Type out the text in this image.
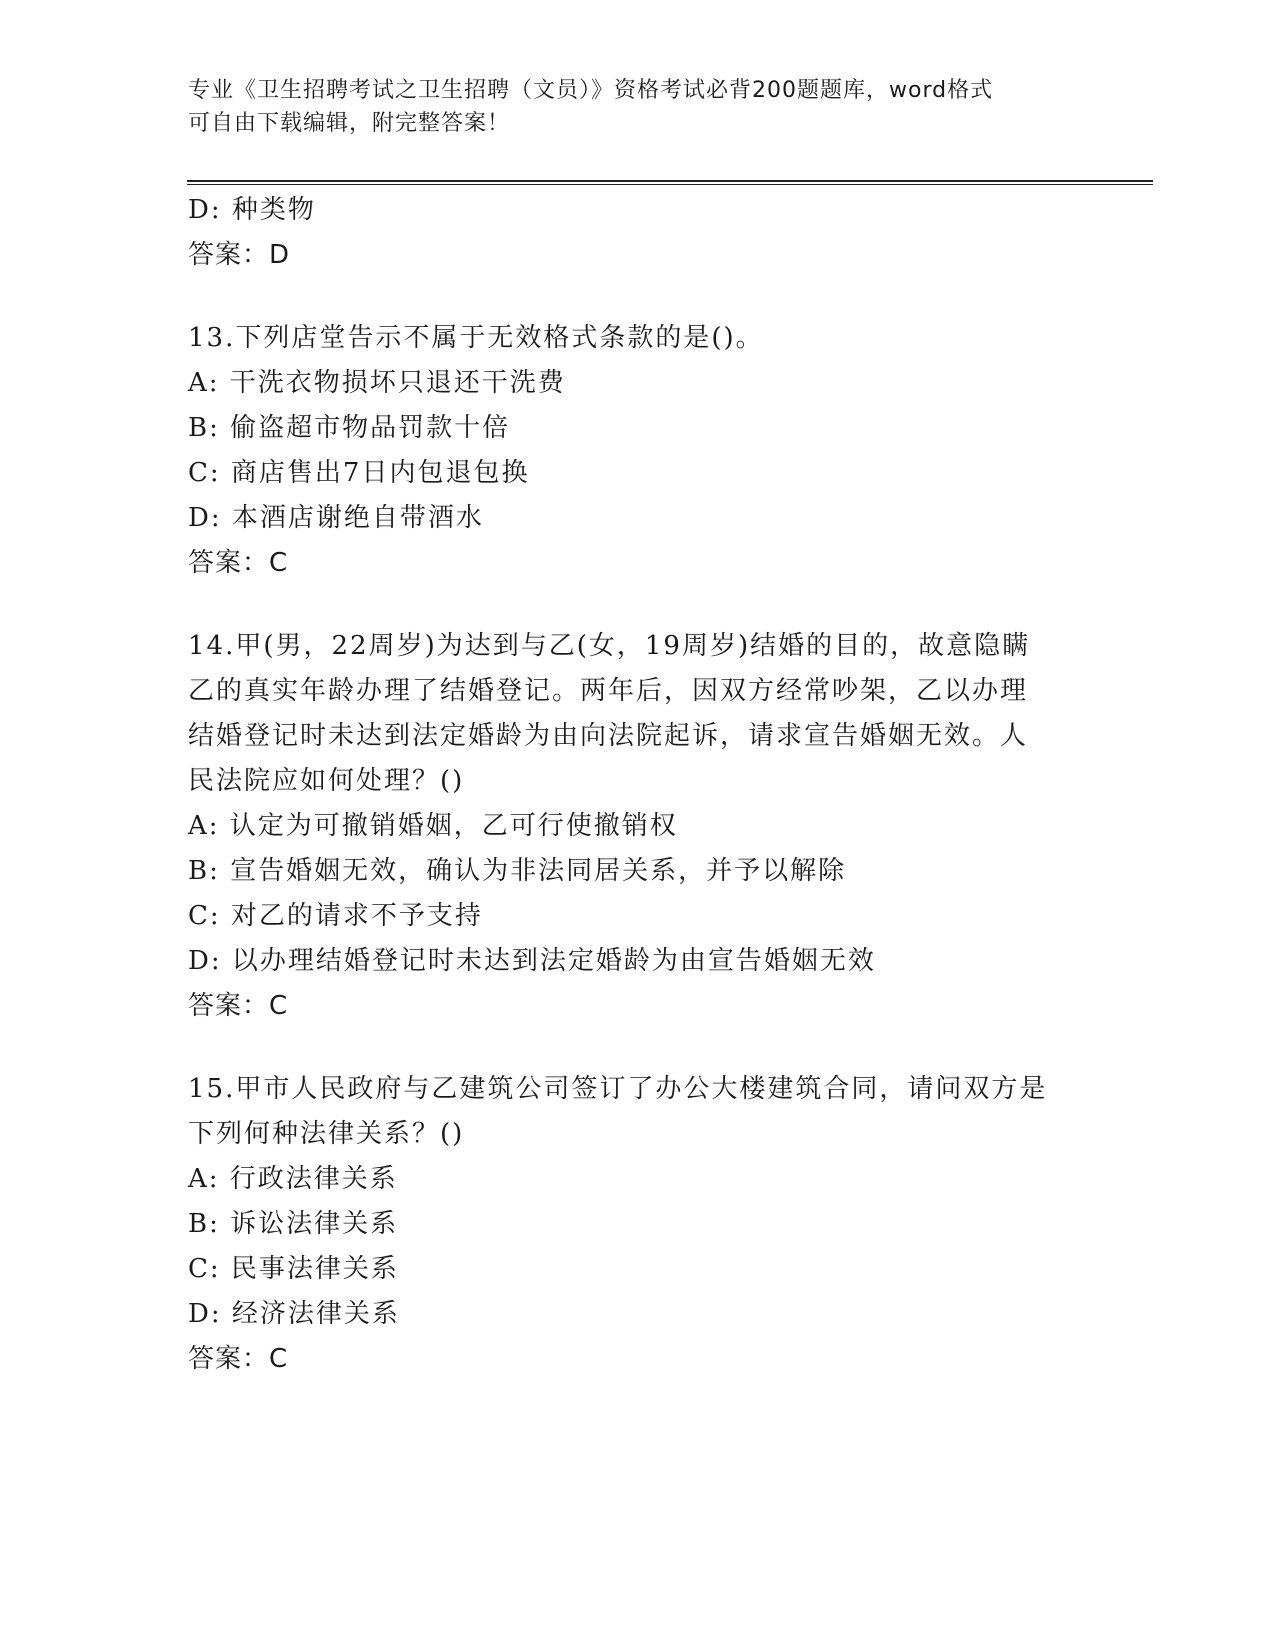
专业《卫生招聘考试之卫生招聘（文员）》资格考试必背200题题库，word格式
可自由下载编辑，附完整答案！
D: 种类物
答案：D
13.下列店堂告示不属于无效格式条款的是()。
A: 干洗衣物损坏只退还干洗费
B: 偷盗超市物品罚款十倍
C: 商店售出7日内包退包换
D: 本酒店谢绝自带酒水
答案：C
14.甲(男，22周岁)为达到与乙(女，19周岁)结婚的目的，故意隐瞒
乙的真实年龄办理了结婚登记。两年后，因双方经常吵架，乙以办理
结婚登记时未达到法定婚龄为由向法院起诉，请求宣告婚姻无效。人
民法院应如何处理？()
A: 认定为可撤销婚姻，乙可行使撤销权
B: 宣告婚姻无效，确认为非法同居关系，并予以解除
C: 对乙的请求不予支持
D: 以办理结婚登记时未达到法定婚龄为由宣告婚姻无效
答案：C
15.甲市人民政府与乙建筑公司签订了办公大楼建筑合同，请问双方是
下列何种法律关系？()
A: 行政法律关系
B: 诉讼法律关系
C: 民事法律关系
D: 经济法律关系
答案：C
